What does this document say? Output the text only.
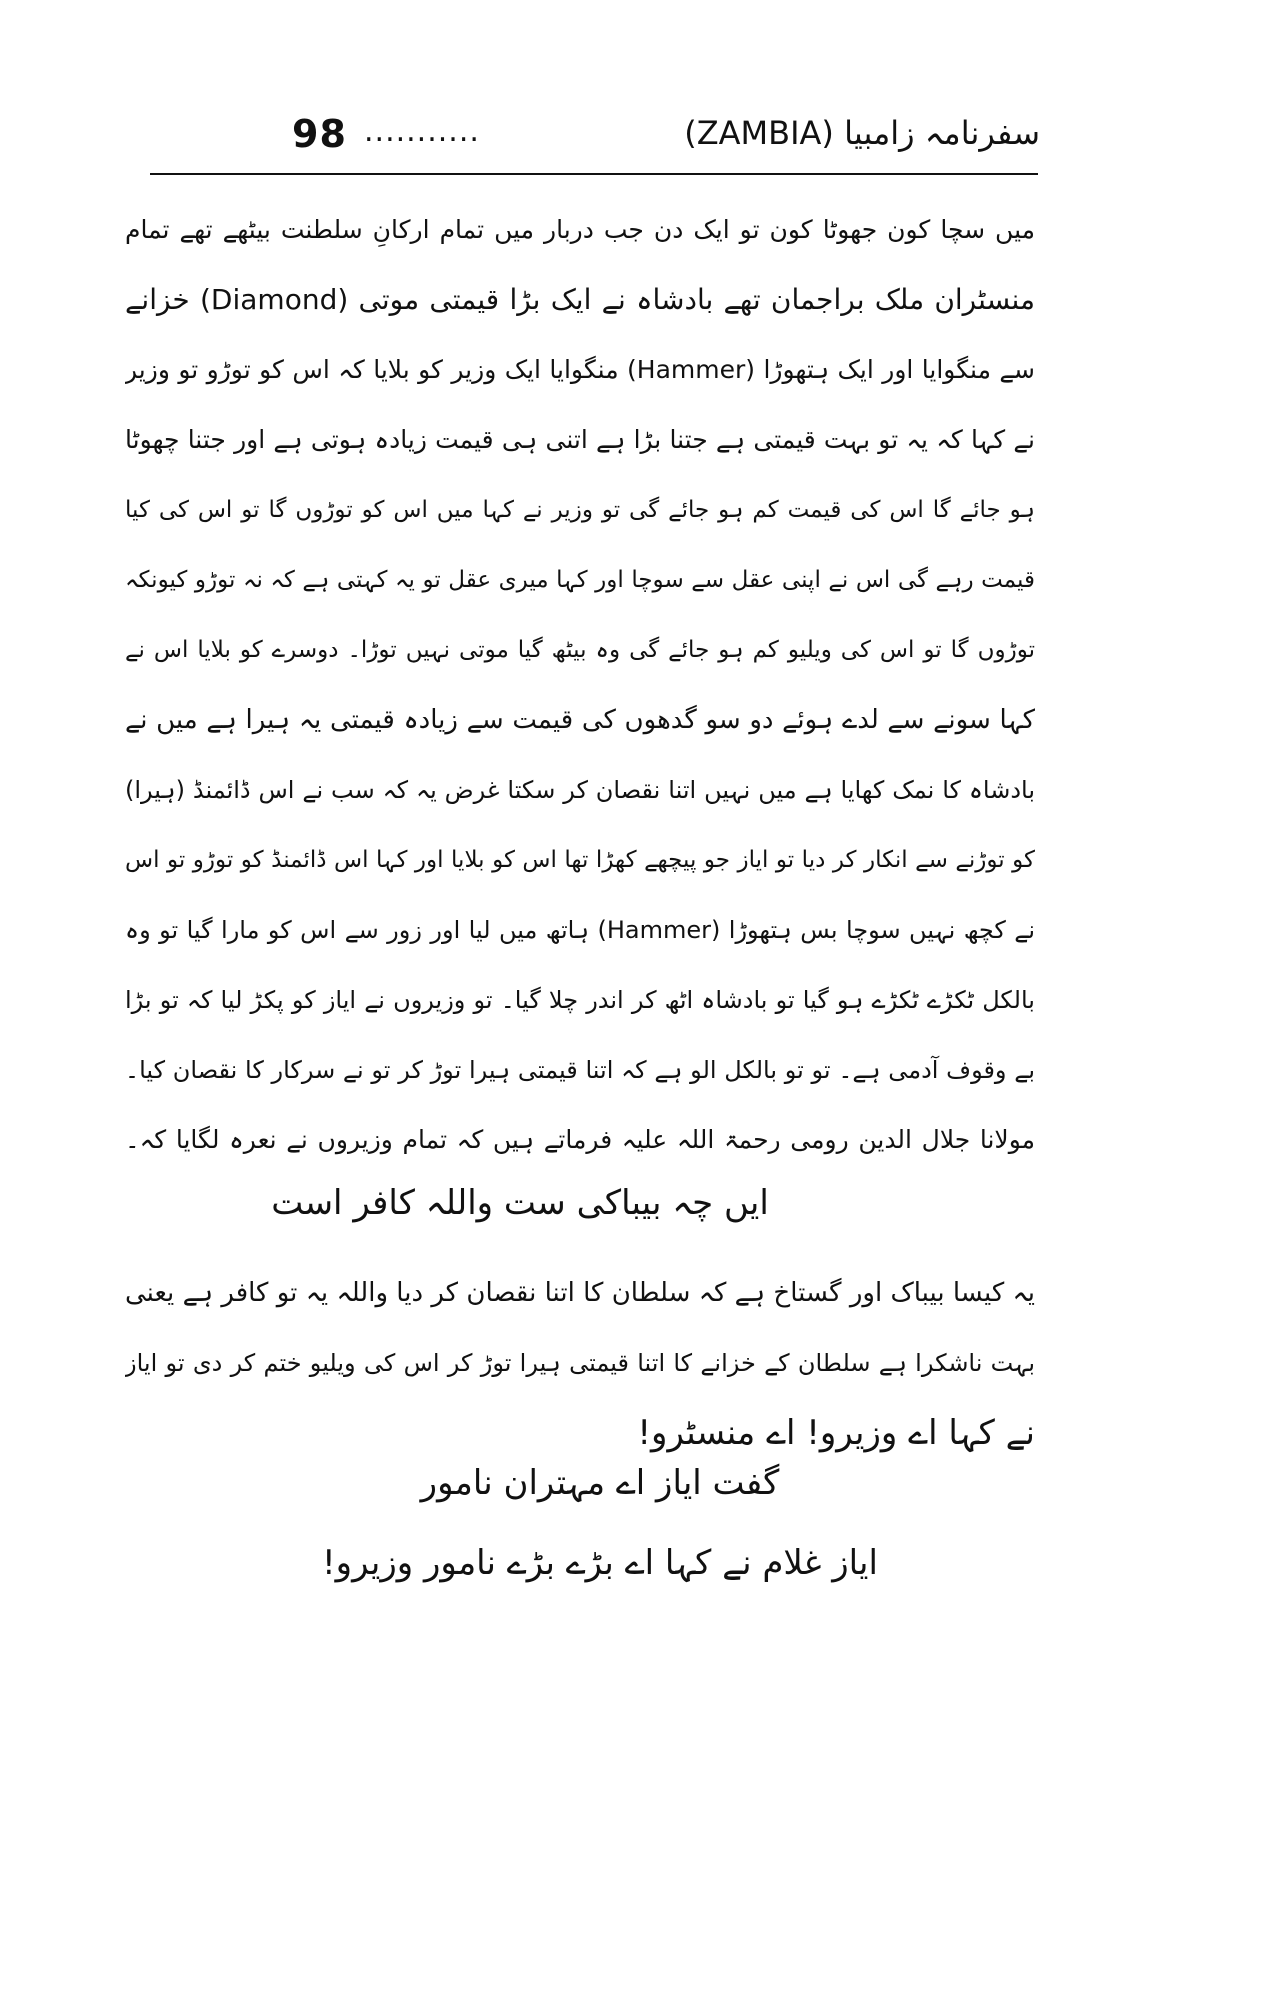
98 ...........	سفرنامہ زامبیا (ZAMBIA)
میں سچا کون جھوٹا کون تو ایک دن جب دربار میں تمام ارکانِ سلطنت بیٹھے تھے تمام
منسٹران ملک براجمان تھے بادشاہ نے ایک بڑا قیمتی موتی (Diamond) خزانے
سے منگوایا اور ایک ہتھوڑا (Hammer) منگوایا ایک وزیر کو بلایا کہ اس کو توڑو تو وزیر
نے کہا کہ یہ تو بہت قیمتی ہے جتنا بڑا ہے اتنی ہی قیمت زیادہ ہوتی ہے اور جتنا چھوٹا
ہو جائے گا اس کی قیمت کم ہو جائے گی تو وزیر نے کہا میں اس کو توڑوں گا تو اس کی کیا
قیمت رہے گی اس نے اپنی عقل سے سوچا اور کہا میری عقل تو یہ کہتی ہے کہ نہ توڑو کیونکہ
توڑوں گا تو اس کی ویلیو کم ہو جائے گی وہ بیٹھ گیا موتی نہیں توڑا۔ دوسرے کو بلایا اس نے
کہا سونے سے لدے ہوئے دو سو گدھوں کی قیمت سے زیادہ قیمتی یہ ہیرا ہے میں نے
بادشاہ کا نمک کھایا ہے میں نہیں اتنا نقصان کر سکتا غرض یہ کہ سب نے اس ڈائمنڈ (ہیرا)
کو توڑنے سے انکار کر دیا تو ایاز جو پیچھے کھڑا تھا اس کو بلایا اور کہا اس ڈائمنڈ کو توڑو تو اس
نے کچھ نہیں سوچا بس ہتھوڑا (Hammer) ہاتھ میں لیا اور زور سے اس کو مارا گیا تو وہ
بالکل ٹکڑے ٹکڑے ہو گیا تو بادشاہ اٹھ کر اندر چلا گیا۔ تو وزیروں نے ایاز کو پکڑ لیا کہ تو بڑا
بے وقوف آدمی ہے۔ تو تو بالکل الو ہے کہ اتنا قیمتی ہیرا توڑ کر تو نے سرکار کا نقصان کیا۔
مولانا جلال الدین رومی رحمۃ اللہ علیہ فرماتے ہیں کہ تمام وزیروں نے نعرہ لگایا کہ۔
ایں چہ بیباکی ست واللہ کافر است
یہ کیسا بیباک اور گستاخ ہے کہ سلطان کا اتنا نقصان کر دیا واللہ یہ تو کافر ہے یعنی
بہت ناشکرا ہے سلطان کے خزانے کا اتنا قیمتی ہیرا توڑ کر اس کی ویلیو ختم کر دی تو ایاز
نے کہا اے وزیرو! اے منسٹرو!
گفت ایاز اے مہتران نامور
ایاز غلام نے کہا اے بڑے بڑے نامور وزیرو!
